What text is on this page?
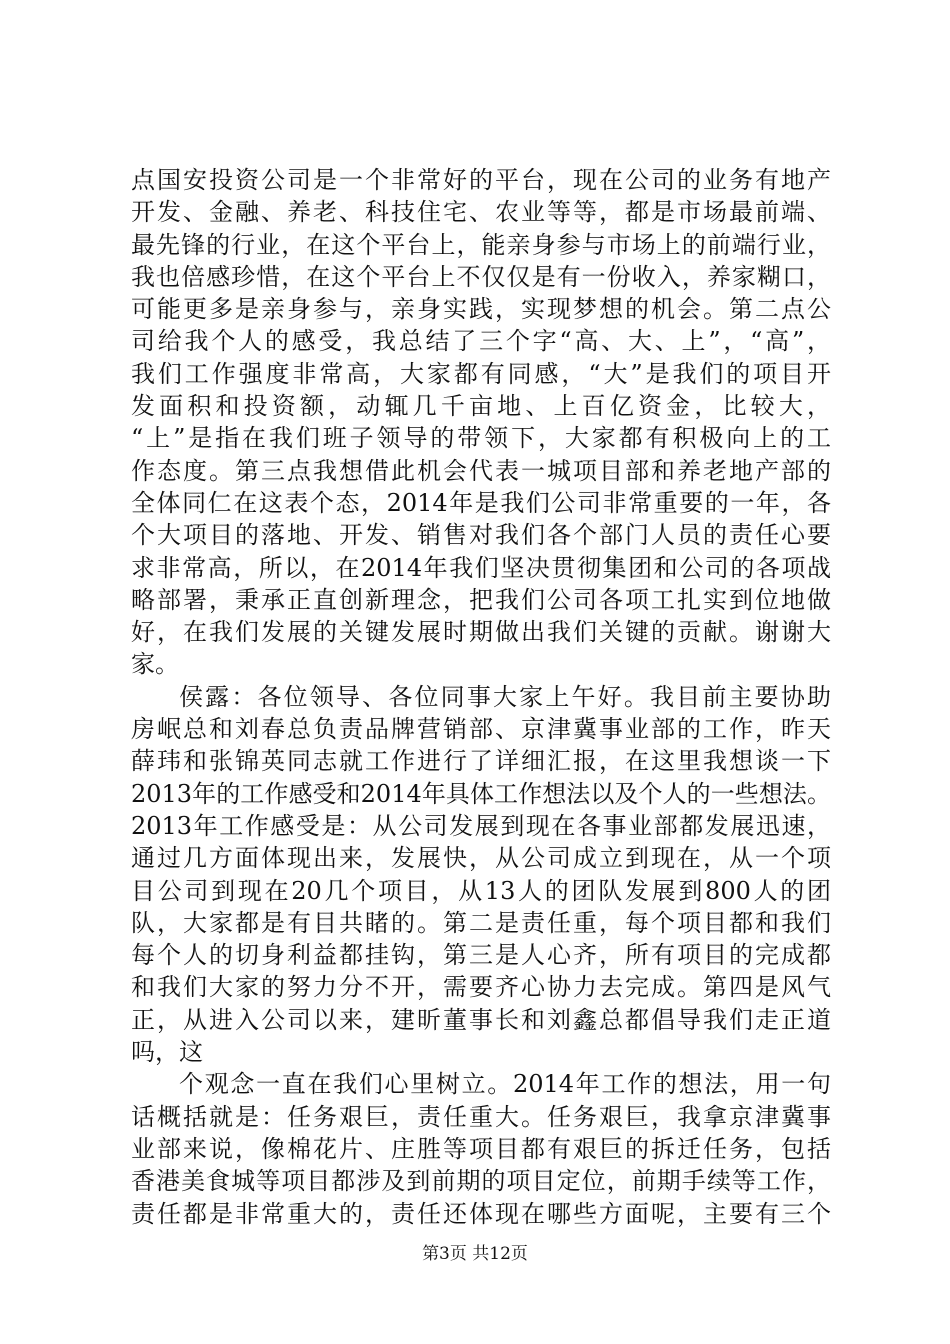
点国安投资公司是一个非常好的平台，现在公司的业务有地产
开发、金融、养老、科技住宅、农业等等，都是市场最前端、
最先锋的行业，在这个平台上，能亲身参与市场上的前端行业，
我也倍感珍惜，在这个平台上不仅仅是有一份收入，养家糊口，
可能更多是亲身参与，亲身实践，实现梦想的机会。第二点公
司给我个人的感受，我总结了三个字“高、大、上”，“高”，
我们工作强度非常高，大家都有同感，“大”是我们的项目开
发面积和投资额，动辄几千亩地、上百亿资金，比较大，
“上”是指在我们班子领导的带领下，大家都有积极向上的工
作态度。第三点我想借此机会代表一城项目部和养老地产部的
全体同仁在这表个态，2014年是我们公司非常重要的一年，各
个大项目的落地、开发、销售对我们各个部门人员的责任心要
求非常高，所以，在2014年我们坚决贯彻集团和公司的各项战
略部署，秉承正直创新理念，把我们公司各项工扎实到位地做
好，在我们发展的关键发展时期做出我们关键的贡献。谢谢大
家。
侯露：各位领导、各位同事大家上午好。我目前主要协助
房岷总和刘春总负责品牌营销部、京津冀事业部的工作，昨天
薛玮和张锦英同志就工作进行了详细汇报，在这里我想谈一下
2013年的工作感受和2014年具体工作想法以及个人的一些想法。
2013年工作感受是：从公司发展到现在各事业部都发展迅速，
通过几方面体现出来，发展快，从公司成立到现在，从一个项
目公司到现在20几个项目，从13人的团队发展到800人的团
队，大家都是有目共睹的。第二是责任重，每个项目都和我们
每个人的切身利益都挂钩，第三是人心齐，所有项目的完成都
和我们大家的努力分不开，需要齐心协力去完成。第四是风气
正，从进入公司以来，建昕董事长和刘鑫总都倡导我们走正道
吗，这
个观念一直在我们心里树立。2014年工作的想法，用一句
话概括就是：任务艰巨，责任重大。任务艰巨，我拿京津冀事
业部来说，像棉花片、庄胜等项目都有艰巨的拆迁任务，包括
香港美食城等项目都涉及到前期的项目定位，前期手续等工作，
责任都是非常重大的，责任还体现在哪些方面呢，主要有三个
第3页 共12页
